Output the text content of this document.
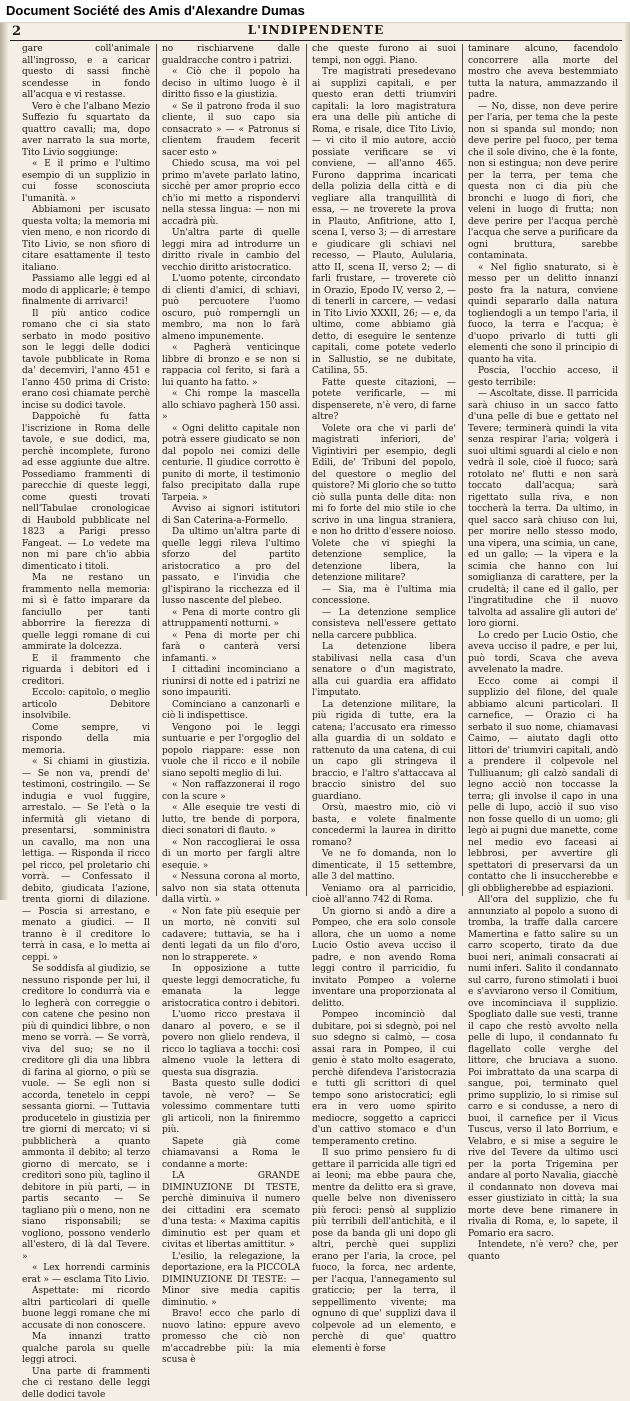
Document Société des Amis d'Alexandre Dumas
2	L'INDIPENDENTE

gare coll'animale all'ingrosso, e a caricar questo di sassi finchè scendesse in fondo all'acqua e vi restasse.

Vero è che l'albano Mezio Suffezio fu squartato da quattro cavalli; ma, dopo aver narrato la sua morte, Tito Livio soggiunge:

« E il primo e l'ultimo esempio di un supplizio in cui fosse sconosciuta l'umanità. »

Abbiamoni per iscusato questa volta; la memoria mi vien meno, e non ricordo di Tito Livio, se non sfioro di citare esattamente il testo italiano.

Passiamo alle leggi ed al modo di applicarle; è tempo finalmente di arrivarci!

Il più antico codice romano che ci sia stato serbato in modo positivo son le leggi delle dodici tavole pubblicate in Roma da' decemviri, l'anno 451 e l'anno 450 prima di Cristo: erano così chiamate perchè incise su dodici tavole.

Dappoichè fu fatta l'iscrizione in Roma delle tavole, e sue dodici, ma, perchè incomplete, furono ad esse aggiunte due altre. Possediamo frammenti di parecchie di queste leggi, come questi trovati nell'Tabulae cronologicae di Haubold pubblicate nel 1823 a Parigi presso Fangeat. — Lo vedete ma non mi pare ch'io abbia dimenticato i titoli.

Ma ne restano un frammento nella memoria: mi sì è fatto imparare da fanciullo per tanti abborrire la fierezza di quelle leggi romane di cui ammirate la dolcezza.

E il frammento che riguarda i debitori ed i creditori.

Eccolo: capitolo, o meglio articolo Debitore insolvibile.

Come sempre, vi rispondo della mia memoria.

« Si chiami in giustizia. — Se non va, prendi de' testimoni, costringilo. — Se indugia e vuol fuggire, arrestalo. — Se l'età o la infermità gli vietano di presentarsi, somministra un cavallo, ma non una lettiga. — Risponda il ricco pel ricco, pel proletario chi vorrà. — Confessato il debito, giudicata l'azione, trenta giorni di dilazione. — Poscia si arrestano, e menato a giudici. — Il tranno è il creditore lo terrà in casa, e lo metta ai ceppi. »

Se soddisfa al giudizio, se nessuno risponde per lui, il creditore lo condurrà via e lo legherà con correggie o con catene che pesino non più di quindici libbre, o non meno se vorrà. — Se vorrà, viva del suo; se no il creditore gli dia una libbra di farina al giorno, o più se vuole. — Se egli non si accorda, tenetelo in ceppi sessanta giorni. — Tuttavia producetelo in giustizia per tre giorni di mercato; vi si pubblicherà a quanto ammonta il debito; al terzo giorno di mercato, se i creditori sono più, taglino il debitore in più parti, — in partis secanto — Se tagliano più o meno, non ne siano risponsabili; se vogliono, possono venderlo all'estero, di là dal Tevere. »

« Lex horrendi carminis erat » — esclama Tito Livio.

Aspettate: mi ricordo altri particolari di quelle buone leggi romane che mi accusate di non conoscere.

Ma innanzi tratto qualche parola su quelle leggi atroci.

Una parte di frammenti che ci restano delle leggi delle dodici tavole

no rischiarvene dalle gualdracche contro i patrizi.

« Ciò che il popolo ha deciso in ultimo luogo è il diritto fisso e la giustizia.

« Se il patrono froda il suo cliente, il suo capo sia consacrato » — « Patronus si clientem fraudem fecerit sacer esto »

Chiedo scusa, ma voi pel primo m'avete parlato latino, sicchè per amor proprio ecco ch'io mi metto a rispondervi nella stessa lingua: — non mi accadrà più.

Un'altra parte di quelle leggi mira ad introdurre un diritto rivale in cambio del vecchio diritto aristocratico.

L'uomo potente, circondato di clienti d'amici, di schiavi, può percuotere l'uomo oscuro, può romperngli un membro, ma non lo farà almeno impunemente.

« Pagherà venticinque libbre di bronzo e se non si rappacia col ferito, si farà a lui quanto ha fatto. »

« Chi rompe la mascella allo schiavo pagherà 150 assi. »

« Ogni delitto capitale non potrà essere giudicato se non dal popolo nei comizi delle centurie. Il giudice corrotto è punito di morte, il testimonio falso precipitato dalla rupe Tarpeia. »

Avviso ai signori istitutori di San Caterina-a-Formello.

Da ultimo un'altra parte di quelle leggi rileva l'ultimo sforzo del partito aristocratico a pro del passato, e l'invidia che gl'ispirano la ricchezza ed il lusso nascente del plebeo.

« Pena di morte contro gli attruppamenti notturni. »

« Pena di morte per chi farà o canterà versi infamanti. »

I cittadini incominciano a riunirsi di notte ed i patrizi ne sono impauriti.

Cominciano a canzonarli e ciò li indispettisce.

Vengono poi le leggi suntuarie e per l'orgoglio del popolo riappare: esse non vuole che il ricco e il nobile siano sepolti meglio di lui.

« Non raffazzonerai il rogo con la scure »

« Alle esequie tre vesti di lutto, tre bende di porpora, dieci sonatori di flauto. »

« Non raccoglierai le ossa di un morto per fargli altre esequie. »

« Nessuna corona al morto, salvo non sia stata ottenuta dalla virtù. »

« Non fate più esequie per un morto, nè conviti sul cadavere; tuttavia, se ha i denti legati da un filo d'oro, non lo strapperete. »

In opposizione a tutte queste leggi democratiche, fu emanata la legge aristocratica contro i debitori.

L'uomo ricco prestava il danaro al povero, e se il povero non glielo rendeva, il ricco lo tagliava a tocchi: così almeno vuole la lettera di questa sua disgrazia.

Basta questo sulle dodici tavole, nè vero? — Se volessimo commentare tutti gli articoli, non la finiremmo più.

Sapete già come chiamavansi a Roma le condanne a morte:

LA GRANDE DIMINUZIONE DI TESTE, perchè diminuiva il numero dei cittadini era scemato d'una testa: « Maxima capitis diminutio est per quam et civitas et libertas amittitur. »

L'esilio, la relegazione, la deportazione, era la PICCOLA DIMINUZIONE DI TESTE: — Minor sive media capitis diminutio. »

Bravo! ecco che parlo di nuovo latino: eppure avevo promesso che ciò non m'accadrebbe più: la mia scusa è

che queste furono ai suoi tempi, non oggi. Piano.

Tre magistrati presedevano ai supplizi capitali, e per questo eran detti triumviri capitali: la loro magistratura era una delle più antiche di Roma, e risale, dice Tito Livio, — vi cito il mio autore, acciò possiate verificare se vi conviene, — all'anno 465. Furono dapprima incaricati della polizia della città e di vegliare alla tranquillità di essa, — ne troverete la prova in Plauto, Anfitrione, atto I, scena I, verso 3; — di arrestare e giudicare gli schiavi nel recesso, — Plauto, Aulularia, atto II, scena II, verso 2; — di farli frustare, — troverete ciò in Orazio, Epodo IV, verso 2, — di tenerli in carcere, — vedasi in Tito Livio XXXII, 26; — e, da ultimo, come abbiamo già detto, di eseguire le sentenze capitali, come potete vederlo in Sallustio, se ne dubitate, Catilina, 55.

Fatte queste citazioni, — potete verificarle, — mi dispenserete, n'è vero, di farne altre?

Volete ora che vi parli de' magistrati inferiori, de' Vigintiviri per esempio, degli Edili, de' Tribuni del popolo, del questore o meglio del quistore? Mi glorio che so tutto ciò sulla punta delle dita: non mi fo forte del mio stile io che scrivo in una lingua straniera, e non ho dritto d'essere noioso. Volete che vi spieghi la detenzione semplice, la detenzione libera, la detenzione militare?

— Sia, ma è l'ultima mia concessione.

— La detenzione semplice consisteva nell'essere gettato nella carcere pubblica.

La detenzione libera stabilivasi nella casa d'un senatore o d'un magistrato, alla cui guardia era affidato l'imputato.

La detenzione militare, la più rigida di tutte, era la catena; l'accusato era rimesso alla guardia di un soldato e rattenuto da una catena, di cui un capo gli stringeva il braccio, e l'altro s'attaccava al braccio sinistro del suo guardiano.

Orsù, maestro mio, ciò vi basta, e volete finalmente concedermi la laurea in diritto romano?

Ve ne fo domanda, non lo dimenticate, il 15 settembre, alle 3 del mattino.

Veniamo ora al parricidio, cioè all'anno 742 di Roma.

Un giorno si andò a dire a Pompeo, che era solo console allora, che un uomo a nome Lucio Ostio aveva ucciso il padre, e non avendo Roma leggi contro il parricidio, fu invitato Pompeo a volerne inventare una proporzionata al delitto.

Pompeo incominciò dal dubitare, poi si sdegnò, poi nel suo sdegno si calmò, — cosa assai rara in Pompeo, il cui genio è stato molto esagerato, perchè difendeva l'aristocrazia e tutti gli scrittori di quel tempo sono aristocratici; egli era in vero uomo spirito mediocre, soggetto a capricci d'un cattivo stomaco e d'un temperamento cretino.

Il suo primo pensiero fu di gettare il parricida alle tigri ed ai leoni; ma ebbe paura che, mentre da delitto era sì grave, quelle belve non divenissero più feroci: pensò al supplizio più terribili dell'antichità, e il pose da banda gli uni dopo gli altri, perchè quei supplizi erano per l'aria, la croce, pel fuoco, la forca, nec ardente, per l'acqua, l'annegamento sul graticcio; per la terra, il seppellimento vivente; ma ognuno di que' supplizi dava il colpevole ad un elemento, e perchè di que' quattro elementi è forse

taminare alcuno, facendolo concorrere alla morte del mostro che aveva bestemmiato tutta la natura, ammazzando il padre.

— No, disse, non deve perire per l'aria, per tema che la peste non si spanda sul mondo; non deve perire pel fuoco, per tema che il sole divino, che è la fonte, non si estingua; non deve perire per la terra, per tema che questa non ci dia più che bronchi e luogo di fiori, che veleni in luogo di frutta; non deve perire per l'acqua perchè l'acqua che serve a purificare da ogni bruttura, sarebbe contaminata.

« Nel figlio snaturato, si è messo per un delitto innanzi posto fra la natura, conviene quindi separarlo dalla natura togliendogli a un tempo l'aria, il fuoco, la terra e l'acqua; è d'uopo privarlo di tutti gli elementi che sono il principio di quanto ha vita.

Poscia, l'occhio acceso, il gesto terribile:

— Ascoltate, disse. Il parricida sarà chiuso in un sacco fatto d'una pelle di bue e gettato nel Tevere; terminerà quindi la vita senza respirar l'aria; volgerà i suoi ultimi sguardi al cielo e non vedrà il sole, cioè il fuoco; sarà rotolato ne' flutti e non sarà toccato dall'acqua; sarà rigettato sulla riva, e non toccherà la terra. Da ultimo, in quel sacco sarà chiuso con lui, per morire nello stesso modo, una vipera, una scimia, un cane, ed un gallo; — la vipera e la scimia che hanno con lui somiglianza di carattere, per la crudeltà; il cane ed il gallo, per l'ingratitudine che il nuovo talvolta ad assalire gli autori de' loro giorni.

Lo credo per Lucio Ostio, che aveva ucciso il padre, e per lui, può tordi, Scava che aveva avvelenato la madre.

Ecco come ai compi il supplizio del filone, del quale abbiamo alcuni particolari. Il carnefice, — Orazio ci ha serbato il suo nome, chiamavasi Caimo, — aiutato dagli otto littori de' triumviri capitali, andò a prendere il colpevole nel Tulliuanum; gli calzò sandali di legno acciò non toccasse la terra; gli involse il capo in una pelle di lupo, acciò il suo viso non fosse quello di un uomo; gli legò ai pugni due manette, come nel medio evo faceasi ai lebbrosi, per avvertire gli spettatori di preservarsi da un contatto che li insuccherebbe e gli obbligherebbe ad espiazioni.

All'ora del supplizio, che fu annunziato al popolo a suono di tromba, la traffe dalla carcere Mamertina e fatto salire su un carro scoperto, tirato da due buoi neri, animali consacrati ai numi inferi. Salito il condannato sul carro, furono stimolati i buoi e s'avviarono verso il Comitium, ove incominciava il supplizio. Spogliato dalle sue vesti, tranne il capo che restò avvolto nella pelle di lupo, il condannato fu flagellato colle verghe del littore, che bruciava a suono. Poi imbrattato da una scarpa di sangue, poi, terminato quel primo supplizio, lo si rimise sul carro e si condusse, a nero di buoi, il carnefice per il Vicus Tuscus, verso il lato Borrium, e Velabro, e si mise a seguire le rive del Tevere da ultimo usci per la porta Trigemina per andare al porto Navalia, giacchè il condannato non doveva mai esser giustiziato in città; la sua morte deve bene rimanere in rivalia di Roma, e, lo sapete, il Pomario era sacro.

Intendete, n'è vero? che, per quanto
